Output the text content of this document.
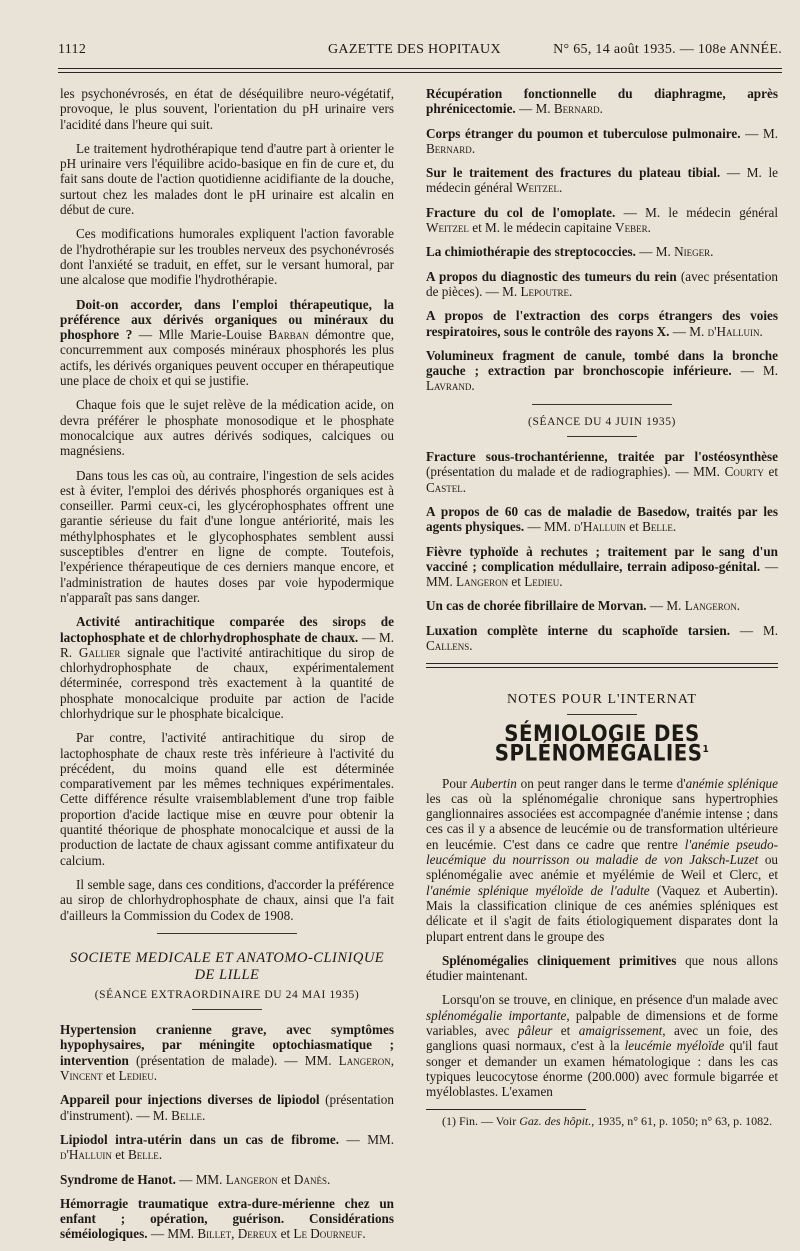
1112	GAZETTE DES HOPITAUX	N° 65, 14 août 1935. — 108e ANNÉE.

les psychonévrosés, en état de déséquilibre neuro-végétatif, provoque, le plus souvent, l'orientation du pH urinaire vers l'acidité dans l'heure qui suit.

Le traitement hydrothérapique tend d'autre part à orienter le pH urinaire vers l'équilibre acido-basique en fin de cure et, du fait sans doute de l'action quotidienne acidifiante de la douche, surtout chez les malades dont le pH urinaire est alcalin en début de cure.

Ces modifications humorales expliquent l'action favorable de l'hydrothérapie sur les troubles nerveux des psychonévrosés dont l'anxiété se traduit, en effet, sur le versant humoral, par une alcalose que modifie l'hydrothérapie.

Doit-on accorder, dans l'emploi thérapeutique, la préférence aux dérivés organiques ou minéraux du phosphore ? — Mlle Marie-Louise Barban démontre que, concurremment aux composés minéraux phosphorés les plus actifs, les dérivés organiques peuvent occuper en thérapeutique une place de choix et qui se justifie.

Chaque fois que le sujet relève de la médication acide, on devra préférer le phosphate monosodique et le phosphate monocalcique aux autres dérivés sodiques, calciques ou magnésiens.

Dans tous les cas où, au contraire, l'ingestion de sels acides est à éviter, l'emploi des dérivés phosphorés organiques est à conseiller. Parmi ceux-ci, les glycérophosphates offrent une garantie sérieuse du fait d'une longue antériorité, mais les méthylphosphates et le glycophosphates semblent aussi susceptibles d'entrer en ligne de compte. Toutefois, l'expérience thérapeutique de ces derniers manque encore, et l'administration de hautes doses par voie hypodermique n'apparaît pas sans danger.

Activité antirachitique comparée des sirops de lactophosphate et de chlorhydrophosphate de chaux. — M. R. Gallier signale que l'activité antirachitique du sirop de chlorhydrophosphate de chaux, expérimentalement déterminée, correspond très exactement à la quantité de phosphate monocalcique produite par action de l'acide chlorhydrique sur le phosphate bicalcique.

Par contre, l'activité antirachitique du sirop de lactophosphate de chaux reste très inférieure à l'activité du précédent, du moins quand elle est déterminée comparativement par les mêmes techniques expérimentales. Cette différence résulte vraisemblablement d'une trop faible proportion d'acide lactique mise en œuvre pour obtenir la quantité théorique de phosphate monocalcique et aussi de la production de lactate de chaux agissant comme antifixateur du calcium.

Il semble sage, dans ces conditions, d'accorder la préférence au sirop de chlorhydrophosphate de chaux, ainsi que l'a fait d'ailleurs la Commission du Codex de 1908.

SOCIETE MEDICALE ET ANATOMO-CLINIQUE DE LILLE
(SÉANCE EXTRAORDINAIRE DU 24 MAI 1935)

Hypertension cranienne grave, avec symptômes hypophysaires, par méningite optochiasmatique ; intervention (présentation de malade). — MM. Langeron, Vincent et Ledieu.

Appareil pour injections diverses de lipiodol (présentation d'instrument). — M. Belle.

Lipiodol intra-utérin dans un cas de fibrome. — MM. d'Halluin et Belle.

Syndrome de Hanot. — MM. Langeron et Danès.

Hémorragie traumatique extra-dure-mérienne chez un enfant ; opération, guérison. Considérations séméiologiques. — MM. Billet, Dereux et Le Dourneuf.

Récupération fonctionnelle du diaphragme, après phrénicectomie. — M. Bernard.

Corps étranger du poumon et tuberculose pulmonaire. — M. Bernard.

Sur le traitement des fractures du plateau tibial. — M. le médecin général Weitzel.

Fracture du col de l'omoplate. — M. le médecin général Weitzel et M. le médecin capitaine Veber.

La chimiothérapie des streptococcies. — M. Nieger.

A propos du diagnostic des tumeurs du rein (avec présentation de pièces). — M. Lepoutre.

A propos de l'extraction des corps étrangers des voies respiratoires, sous le contrôle des rayons X. — M. d'Halluin.

Volumineux fragment de canule, tombé dans la bronche gauche ; extraction par bronchoscopie inférieure. — M. Lavrand.

(SÉANCE DU 4 JUIN 1935)

Fracture sous-trochantérienne, traitée par l'ostéosynthèse (présentation du malade et de radiographies). — MM. Courty et Castel.

A propos de 60 cas de maladie de Basedow, traités par les agents physiques. — MM. d'Halluin et Belle.

Fièvre typhoïde à rechutes ; traitement par le sang d'un vacciné ; complication médullaire, terrain adiposo-génital. — MM. Langeron et Ledieu.

Un cas de chorée fibrillaire de Morvan. — M. Langeron.

Luxation complète interne du scaphoïde tarsien. — M. Callens.

NOTES POUR L'INTERNAT
SÉMIOLOGIE DES SPLÉNOMÉGALIES$^1$

Pour Aubertin on peut ranger dans le terme d'anémie splénique les cas où la splénomégalie chronique sans hypertrophies ganglionnaires associées est accompagnée d'anémie intense ; dans ces cas il y a absence de leucémie ou de transformation ultérieure en leucémie. C'est dans ce cadre que rentre l'anémie pseudo-leucémique du nourrisson ou maladie de von Jaksch-Luzet ou splénomégalie avec anémie et myélémie de Weil et Clerc, et l'anémie splénique myéloïde de l'adulte (Vaquez et Aubertin). Mais la classification clinique de ces anémies spléniques est délicate et il s'agit de faits étiologiquement disparates dont la plupart entrent dans le groupe des

Splénomégalies cliniquement primitives que nous allons étudier maintenant.

Lorsqu'on se trouve, en clinique, en présence d'un malade avec splénomégalie importante, palpable de dimensions et de forme variables, avec pâleur et amaigrissement, avec un foie, des ganglions quasi normaux, c'est à la leucémie myéloïde qu'il faut songer et demander un examen hématologique : dans les cas typiques leucocytose énorme (200.000) avec formule bigarrée et myéloblastes. L'examen

(1) Fin. — Voir Gaz. des hôpit., 1935, n° 61, p. 1050; n° 63, p. 1082.
